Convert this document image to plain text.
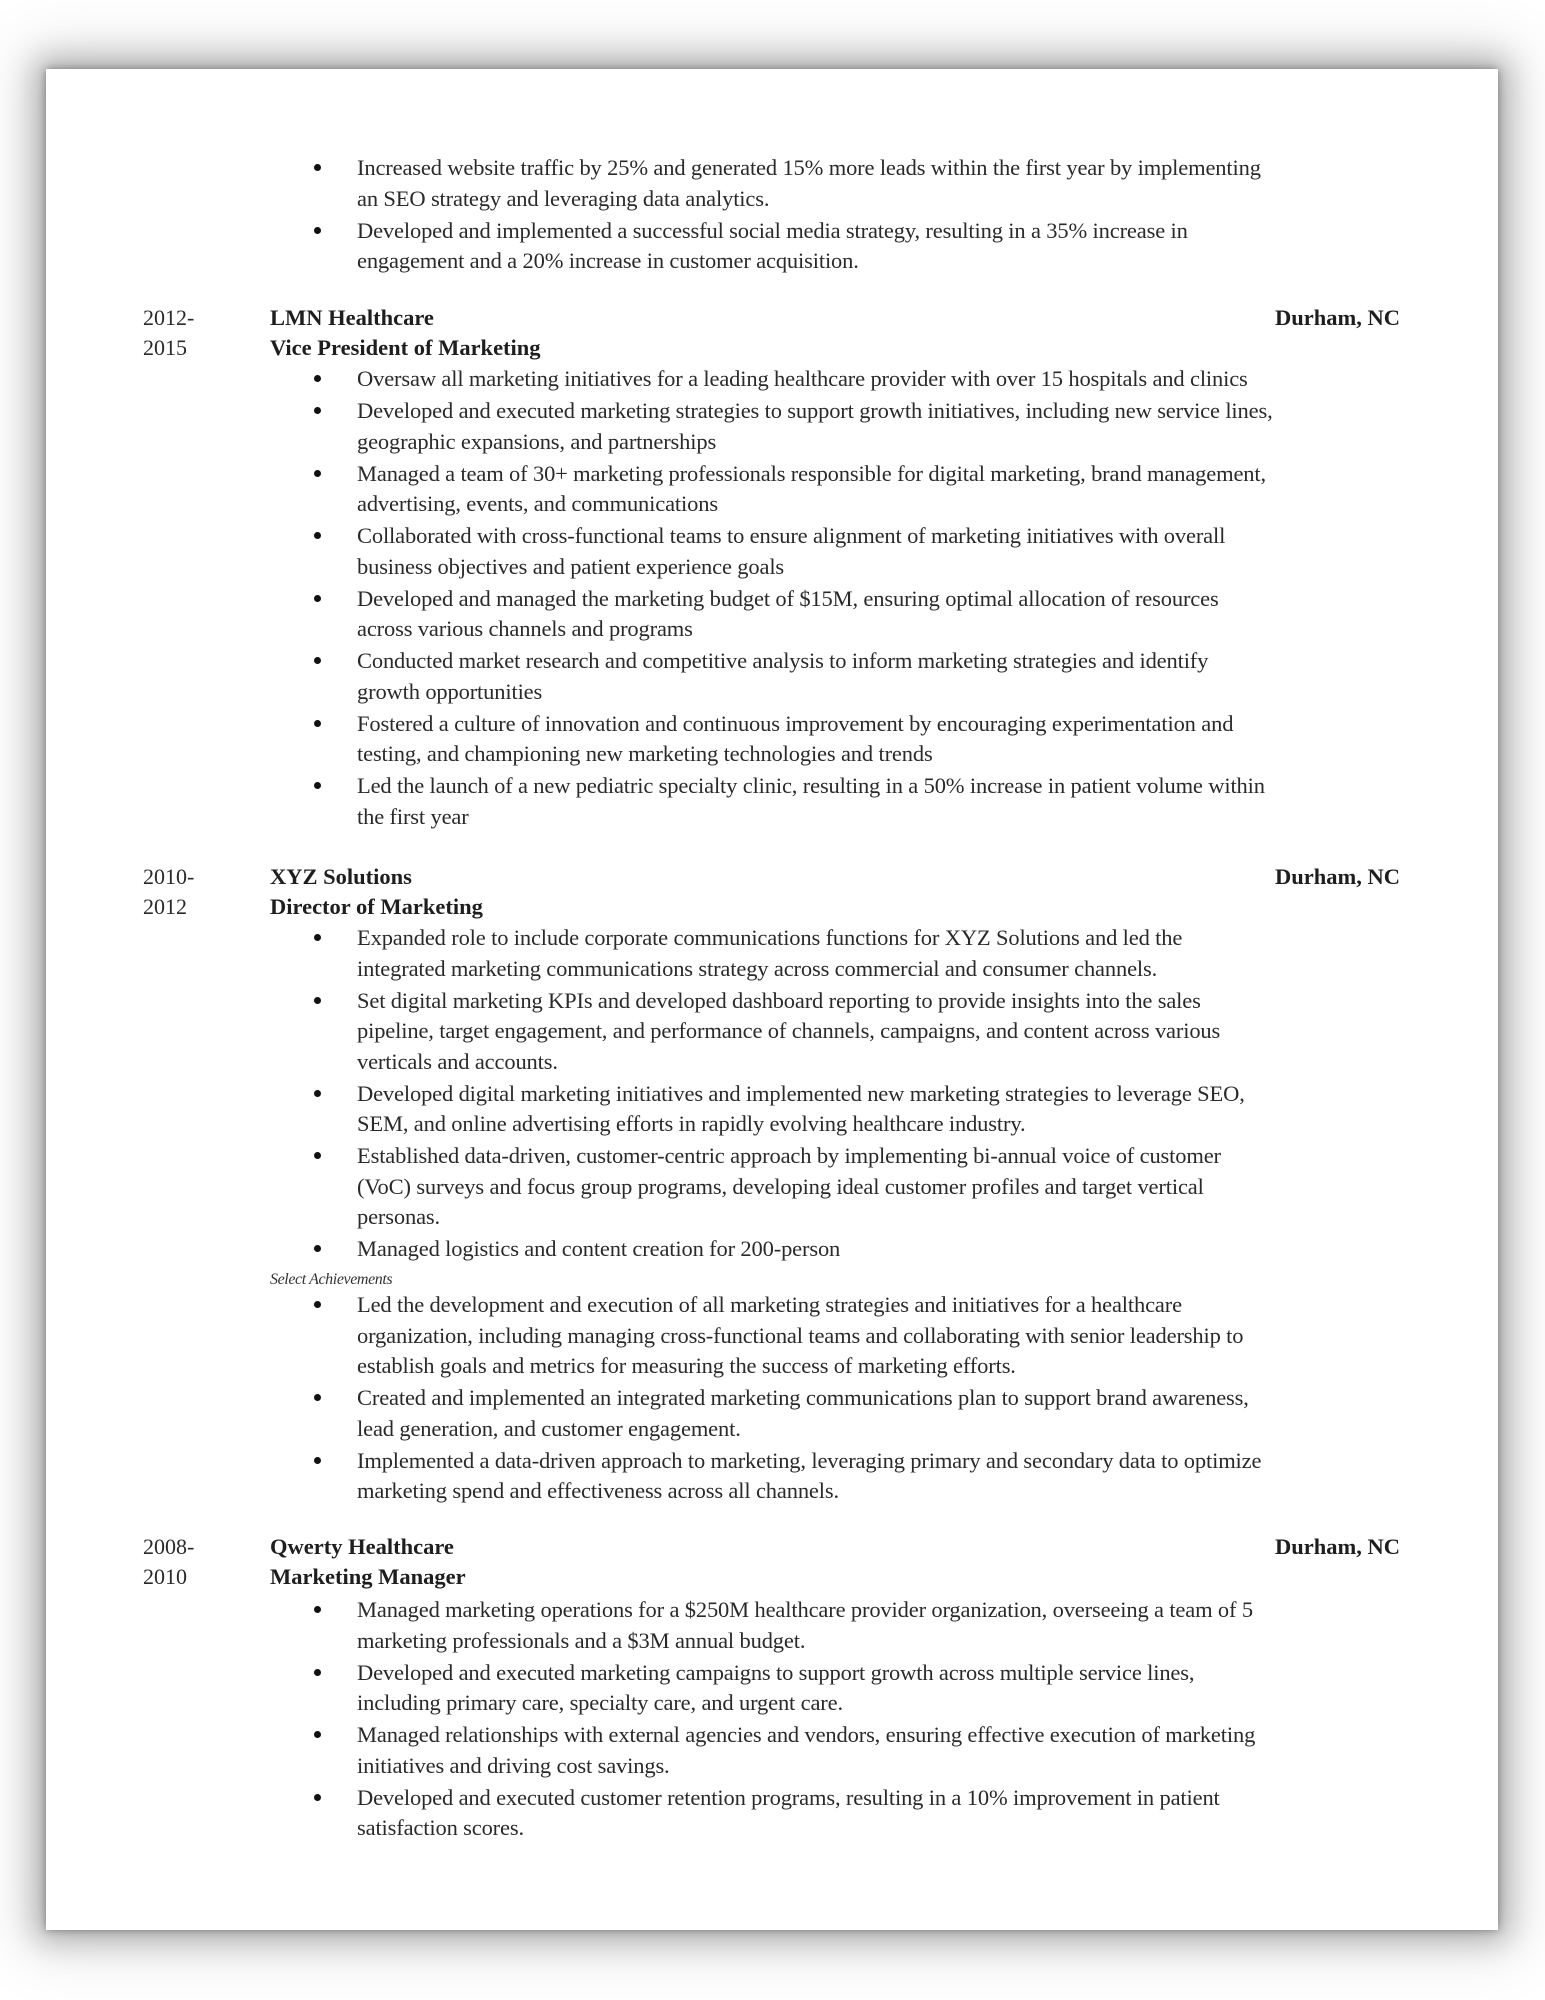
Increased website traffic by 25% and generated 15% more leads within the first year by implementing
an SEO strategy and leveraging data analytics.
Developed and implemented a successful social media strategy, resulting in a 35% increase in
engagement and a 20% increase in customer acquisition.
2012-
2015
LMN Healthcare
Vice President of Marketing
Durham, NC
Oversaw all marketing initiatives for a leading healthcare provider with over 15 hospitals and clinics
Developed and executed marketing strategies to support growth initiatives, including new service lines,
geographic expansions, and partnerships
Managed a team of 30+ marketing professionals responsible for digital marketing, brand management,
advertising, events, and communications
Collaborated with cross-functional teams to ensure alignment of marketing initiatives with overall
business objectives and patient experience goals
Developed and managed the marketing budget of $15M, ensuring optimal allocation of resources
across various channels and programs
Conducted market research and competitive analysis to inform marketing strategies and identify
growth opportunities
Fostered a culture of innovation and continuous improvement by encouraging experimentation and
testing, and championing new marketing technologies and trends
Led the launch of a new pediatric specialty clinic, resulting in a 50% increase in patient volume within
the first year
2010-
2012
XYZ Solutions
Director of Marketing
Durham, NC
Expanded role to include corporate communications functions for XYZ Solutions and led the
integrated marketing communications strategy across commercial and consumer channels.
Set digital marketing KPIs and developed dashboard reporting to provide insights into the sales
pipeline, target engagement, and performance of channels, campaigns, and content across various
verticals and accounts.
Developed digital marketing initiatives and implemented new marketing strategies to leverage SEO,
SEM, and online advertising efforts in rapidly evolving healthcare industry.
Established data-driven, customer-centric approach by implementing bi-annual voice of customer
(VoC) surveys and focus group programs, developing ideal customer profiles and target vertical
personas.
Managed logistics and content creation for 200-person
Select Achievements
Led the development and execution of all marketing strategies and initiatives for a healthcare
organization, including managing cross-functional teams and collaborating with senior leadership to
establish goals and metrics for measuring the success of marketing efforts.
Created and implemented an integrated marketing communications plan to support brand awareness,
lead generation, and customer engagement.
Implemented a data-driven approach to marketing, leveraging primary and secondary data to optimize
marketing spend and effectiveness across all channels.
2008-
2010
Qwerty Healthcare
Marketing Manager
Durham, NC
Managed marketing operations for a $250M healthcare provider organization, overseeing a team of 5
marketing professionals and a $3M annual budget.
Developed and executed marketing campaigns to support growth across multiple service lines,
including primary care, specialty care, and urgent care.
Managed relationships with external agencies and vendors, ensuring effective execution of marketing
initiatives and driving cost savings.
Developed and executed customer retention programs, resulting in a 10% improvement in patient
satisfaction scores.
